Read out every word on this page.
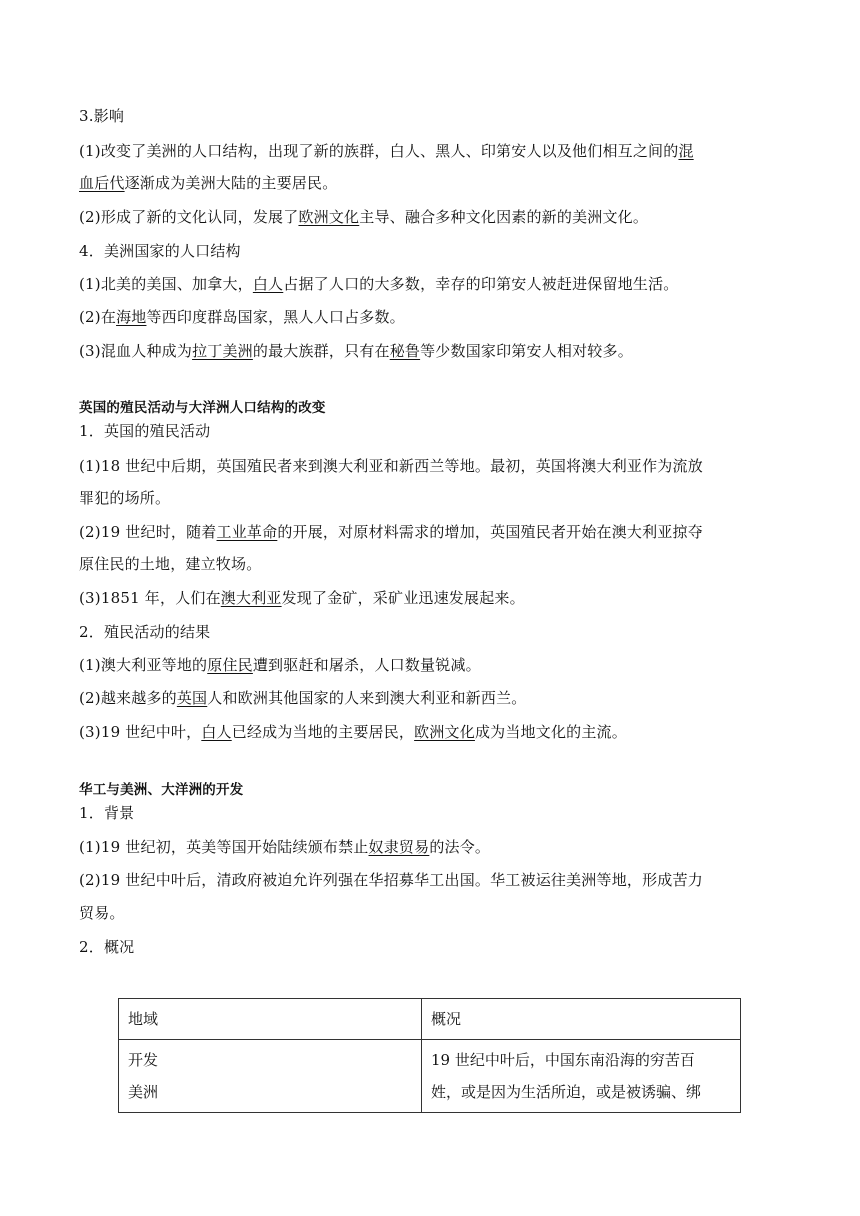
3.影响
(1)改变了美洲的人口结构，出现了新的族群，白人、黑人、印第安人以及他们相互之间的混
血后代逐渐成为美洲大陆的主要居民。
(2)形成了新的文化认同，发展了欧洲文化主导、融合多种文化因素的新的美洲文化。
4．美洲国家的人口结构
(1)北美的美国、加拿大，白人占据了人口的大多数，幸存的印第安人被赶进保留地生活。
(2)在海地等西印度群岛国家，黑人人口占多数。
(3)混血人种成为拉丁美洲的最大族群，只有在秘鲁等少数国家印第安人相对较多。
英国的殖民活动与大洋洲人口结构的改变
1．英国的殖民活动
(1)18 世纪中后期，英国殖民者来到澳大利亚和新西兰等地。最初，英国将澳大利亚作为流放
罪犯的场所。
(2)19 世纪时，随着工业革命的开展，对原材料需求的增加，英国殖民者开始在澳大利亚掠夺
原住民的土地，建立牧场。
(3)1851 年，人们在澳大利亚发现了金矿，采矿业迅速发展起来。
2．殖民活动的结果
(1)澳大利亚等地的原住民遭到驱赶和屠杀，人口数量锐减。
(2)越来越多的英国人和欧洲其他国家的人来到澳大利亚和新西兰。
(3)19 世纪中叶，白人已经成为当地的主要居民，欧洲文化成为当地文化的主流。
华工与美洲、大洋洲的开发
1．背景
(1)19 世纪初，英美等国开始陆续颁布禁止奴隶贸易的法令。
(2)19 世纪中叶后，清政府被迫允许列强在华招募华工出国。华工被运往美洲等地，形成苦力
贸易。
2．概况
地域	概况

开发
美洲	19 世纪中叶后，中国东南沿海的穷苦百
姓，或是因为生活所迫，或是被诱骗、绑
